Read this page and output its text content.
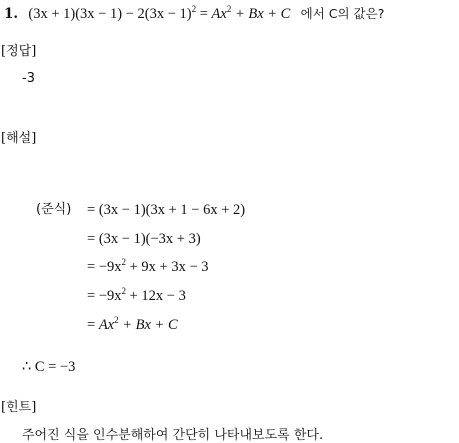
1. $(3x + 1)(3x - 1) - 2(3x - 1)^2 = Ax^2 + Bx + C$ 에서 C의 값은?
[정답]
-3
[해설]
(준식) = (3x − 1)(3x + 1 − 6x + 2)
= (3x − 1)(−3x + 3)
= $-9x^2 + 9x + 3x - 3$
= $-9x^2 + 12x - 3$
= $Ax^2 + Bx + C$
∴ C = −3
[힌트]
주어진 식을 인수분해하여 간단히 나타내보도록 한다.
